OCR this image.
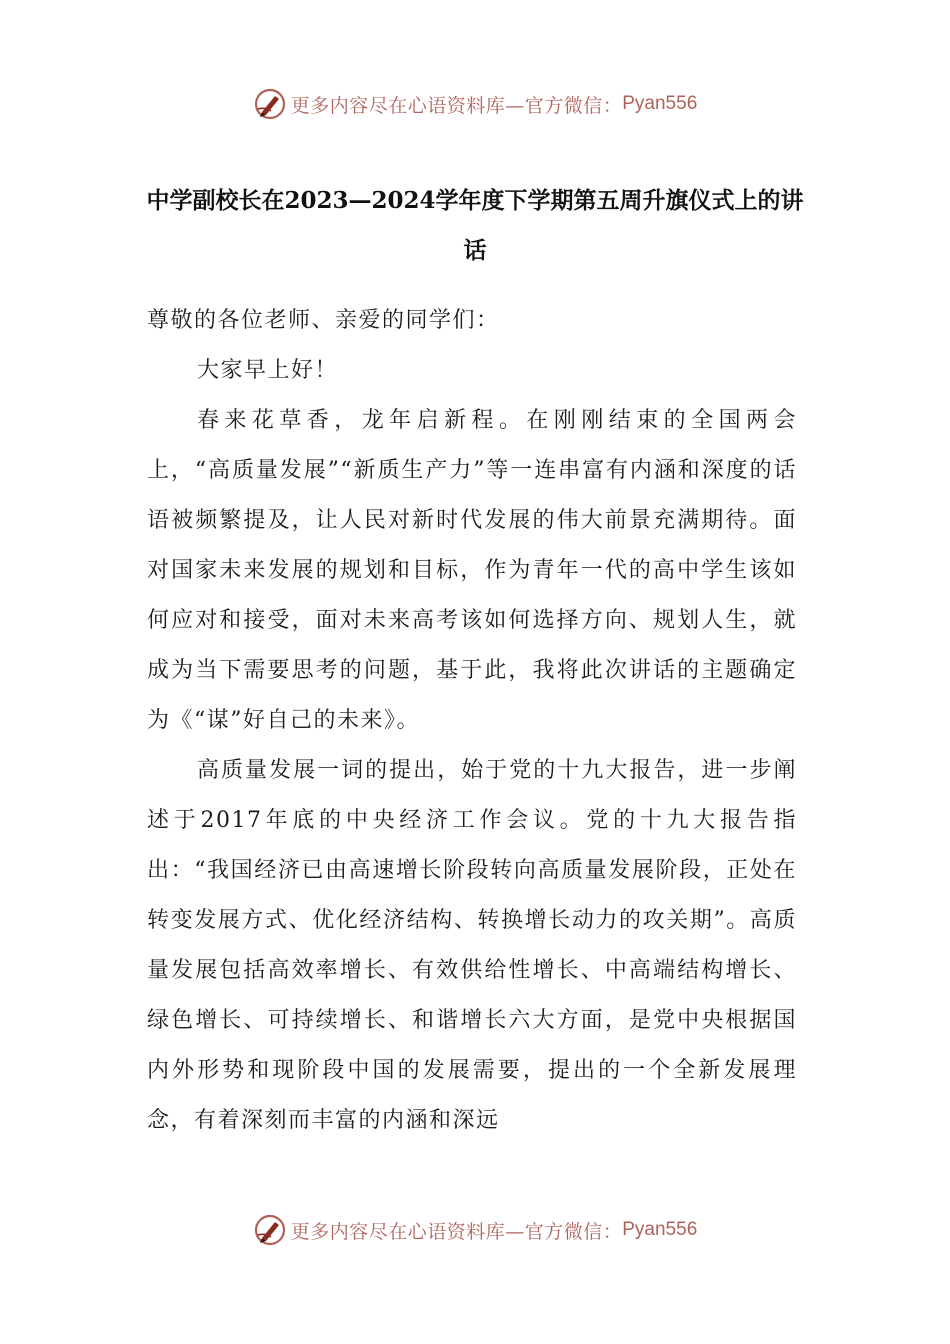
更多内容尽在心语资料库—官方微信： Pyan556
中学副校长在2023—2024学年度下学期第五周升旗仪式上的讲话

尊敬的各位老师、亲爱的同学们：

大家早上好！

春来花草香，龙年启新程。在刚刚结束的全国两会上，“高质量发展”“新质生产力”等一连串富有内涵和深度的话语被频繁提及，让人民对新时代发展的伟大前景充满期待。面对国家未来发展的规划和目标，作为青年一代的高中学生该如何应对和接受，面对未来高考该如何选择方向、规划人生，就成为当下需要思考的问题，基于此，我将此次讲话的主题确定为《“谋”好自己的未来》。

高质量发展一词的提出，始于党的十九大报告，进一步阐述于2017年底的中央经济工作会议。党的十九大报告指出：“我国经济已由高速增长阶段转向高质量发展阶段，正处在转变发展方式、优化经济结构、转换增长动力的攻关期”。高质量发展包括高效率增长、有效供给性增长、中高端结构增长、绿色增长、可持续增长、和谐增长六大方面，是党中央根据国内外形势和现阶段中国的发展需要，提出的一个全新发展理念，有着深刻而丰富的内涵和深远

更多内容尽在心语资料库—官方微信： Pyan556
